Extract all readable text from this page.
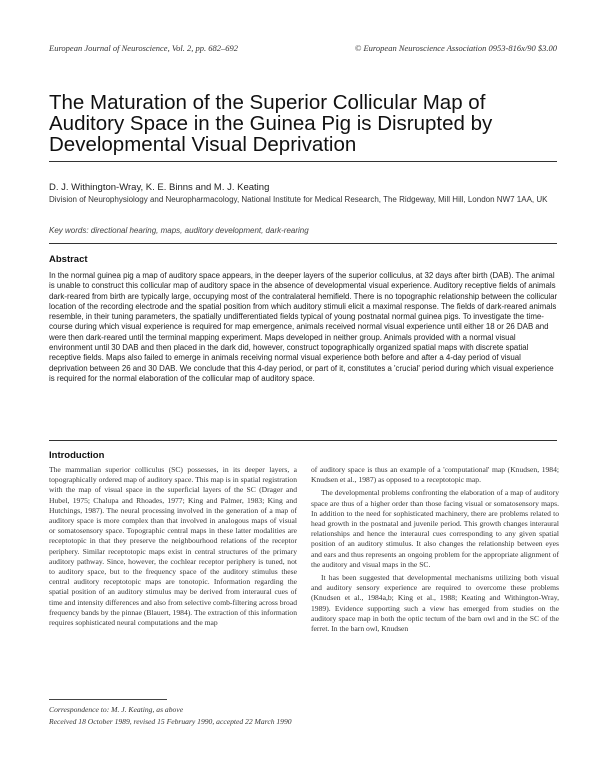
European Journal of Neuroscience, Vol. 2, pp. 682–692	© European Neuroscience Association 0953-816x/90 $3.00
The Maturation of the Superior Collicular Map of Auditory Space in the Guinea Pig is Disrupted by Developmental Visual Deprivation
D. J. Withington-Wray, K. E. Binns and M. J. Keating
Division of Neurophysiology and Neuropharmacology, National Institute for Medical Research, The Ridgeway, Mill Hill, London NW7 1AA, UK
Key words: directional hearing, maps, auditory development, dark-rearing
Abstract

In the normal guinea pig a map of auditory space appears, in the deeper layers of the superior colliculus, at 32 days after birth (DAB). The animal is unable to construct this collicular map of auditory space in the absence of developmental visual experience. Auditory receptive fields of animals dark-reared from birth are typically large, occupying most of the contralateral hemifield. There is no topographic relationship between the collicular location of the recording electrode and the spatial position from which auditory stimuli elicit a maximal response. The fields of dark-reared animals resemble, in their tuning parameters, the spatially undifferentiated fields typical of young postnatal normal guinea pigs. To investigate the time-course during which visual experience is required for map emergence, animals received normal visual experience until either 18 or 26 DAB and were then dark-reared until the terminal mapping experiment. Maps developed in neither group. Animals provided with a normal visual environment until 30 DAB and then placed in the dark did, however, construct topographically organized spatial maps with discrete spatial receptive fields. Maps also failed to emerge in animals receiving normal visual experience both before and after a 4-day period of visual deprivation between 26 and 30 DAB. We conclude that this 4-day period, or part of it, constitutes a 'crucial' period during which visual experience is required for the normal elaboration of the collicular map of auditory space.

Introduction

The mammalian superior colliculus (SC) possesses, in its deeper layers, a topographically ordered map of auditory space. This map is in spatial registration with the map of visual space in the superficial layers of the SC (Drager and Hubel, 1975; Chalupa and Rhoades, 1977; King and Palmer, 1983; King and Hutchings, 1987). The neural processing involved in the generation of a map of auditory space is more complex than that involved in analogous maps of visual or somatosensory space. Topographic central maps in these latter modalities are receptotopic in that they preserve the neighbourhood relations of the receptor periphery. Similar receptotopic maps exist in central structures of the primary auditory pathway. Since, however, the cochlear receptor periphery is tuned, not to auditory space, but to the frequency space of the auditory stimulus these central auditory receptotopic maps are tonotopic. Information regarding the spatial position of an auditory stimulus may be derived from interaural cues of time and intensity differences and also from selective comb-filtering across broad frequency bands by the pinnae (Blauert, 1984). The extraction of this information requires sophisticated neural computations and the map

of auditory space is thus an example of a 'computational' map (Knudsen, 1984; Knudsen et al., 1987) as opposed to a receptotopic map.

The developmental problems confronting the elaboration of a map of auditory space are thus of a higher order than those facing visual or somatosensory maps. In addition to the need for sophisticated machinery, there are problems related to head growth in the postnatal and juvenile period. This growth changes interaural relationships and hence the interaural cues corresponding to any given spatial position of an auditory stimulus. It also changes the relationship between eyes and ears and thus represents an ongoing problem for the appropriate alignment of the auditory and visual maps in the SC.

It has been suggested that developmental mechanisms utilizing both visual and auditory sensory experience are required to overcome these problems (Knudsen et al., 1984a,b; King et al., 1988; Keating and Withington-Wray, 1989). Evidence supporting such a view has emerged from studies on the auditory space map in both the optic tectum of the barn owl and in the SC of the ferret. In the barn owl, Knudsen

Correspondence to: M. J. Keating, as above
Received 18 October 1989, revised 15 February 1990, accepted 22 March 1990
